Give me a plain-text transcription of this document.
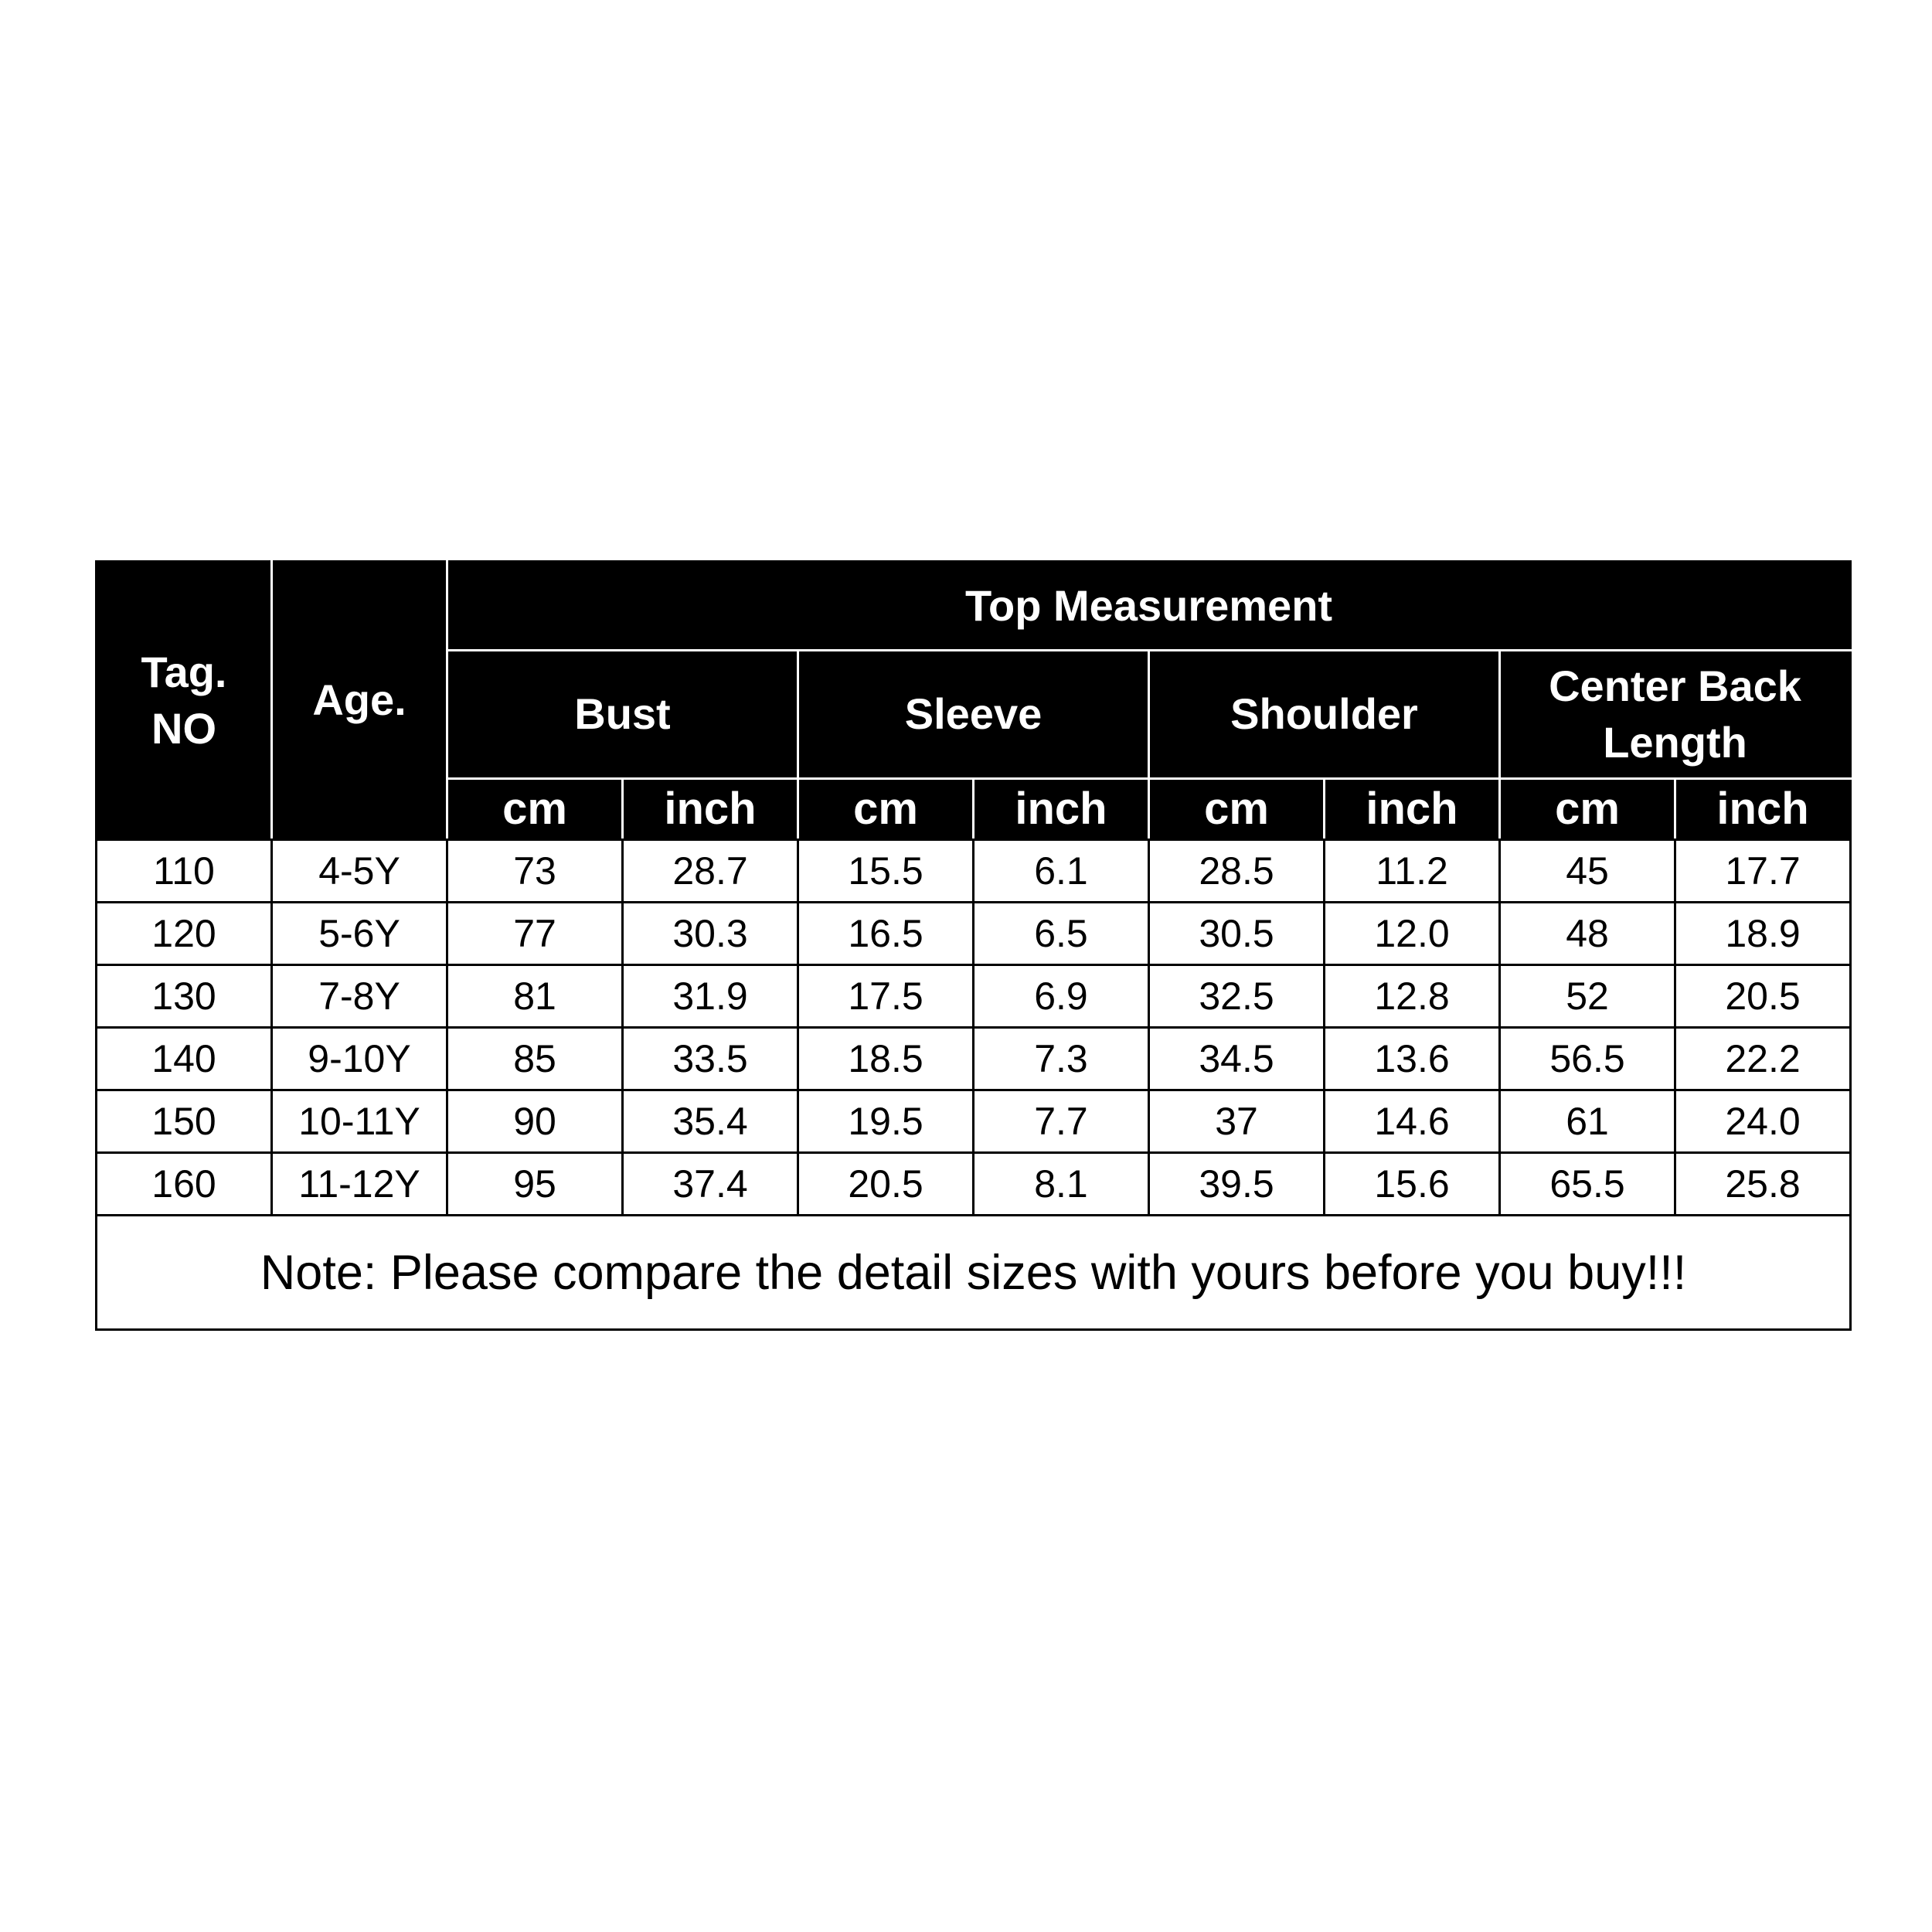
Tag.
NO	Age.	Top Measurement							
		Bust		Sleeve		Shoulder		Center Back
Length	
		cm	inch	cm	inch	cm	inch	cm	inch
110	4-5Y	73	28.7	15.5	6.1	28.5	11.2	45	17.7
120	5-6Y	77	30.3	16.5	6.5	30.5	12.0	48	18.9
130	7-8Y	81	31.9	17.5	6.9	32.5	12.8	52	20.5
140	9-10Y	85	33.5	18.5	7.3	34.5	13.6	56.5	22.2
150	10-11Y	90	35.4	19.5	7.7	37	14.6	61	24.0
160	11-12Y	95	37.4	20.5	8.1	39.5	15.6	65.5	25.8
Note: Please compare the detail sizes with yours before you buy!!!									
